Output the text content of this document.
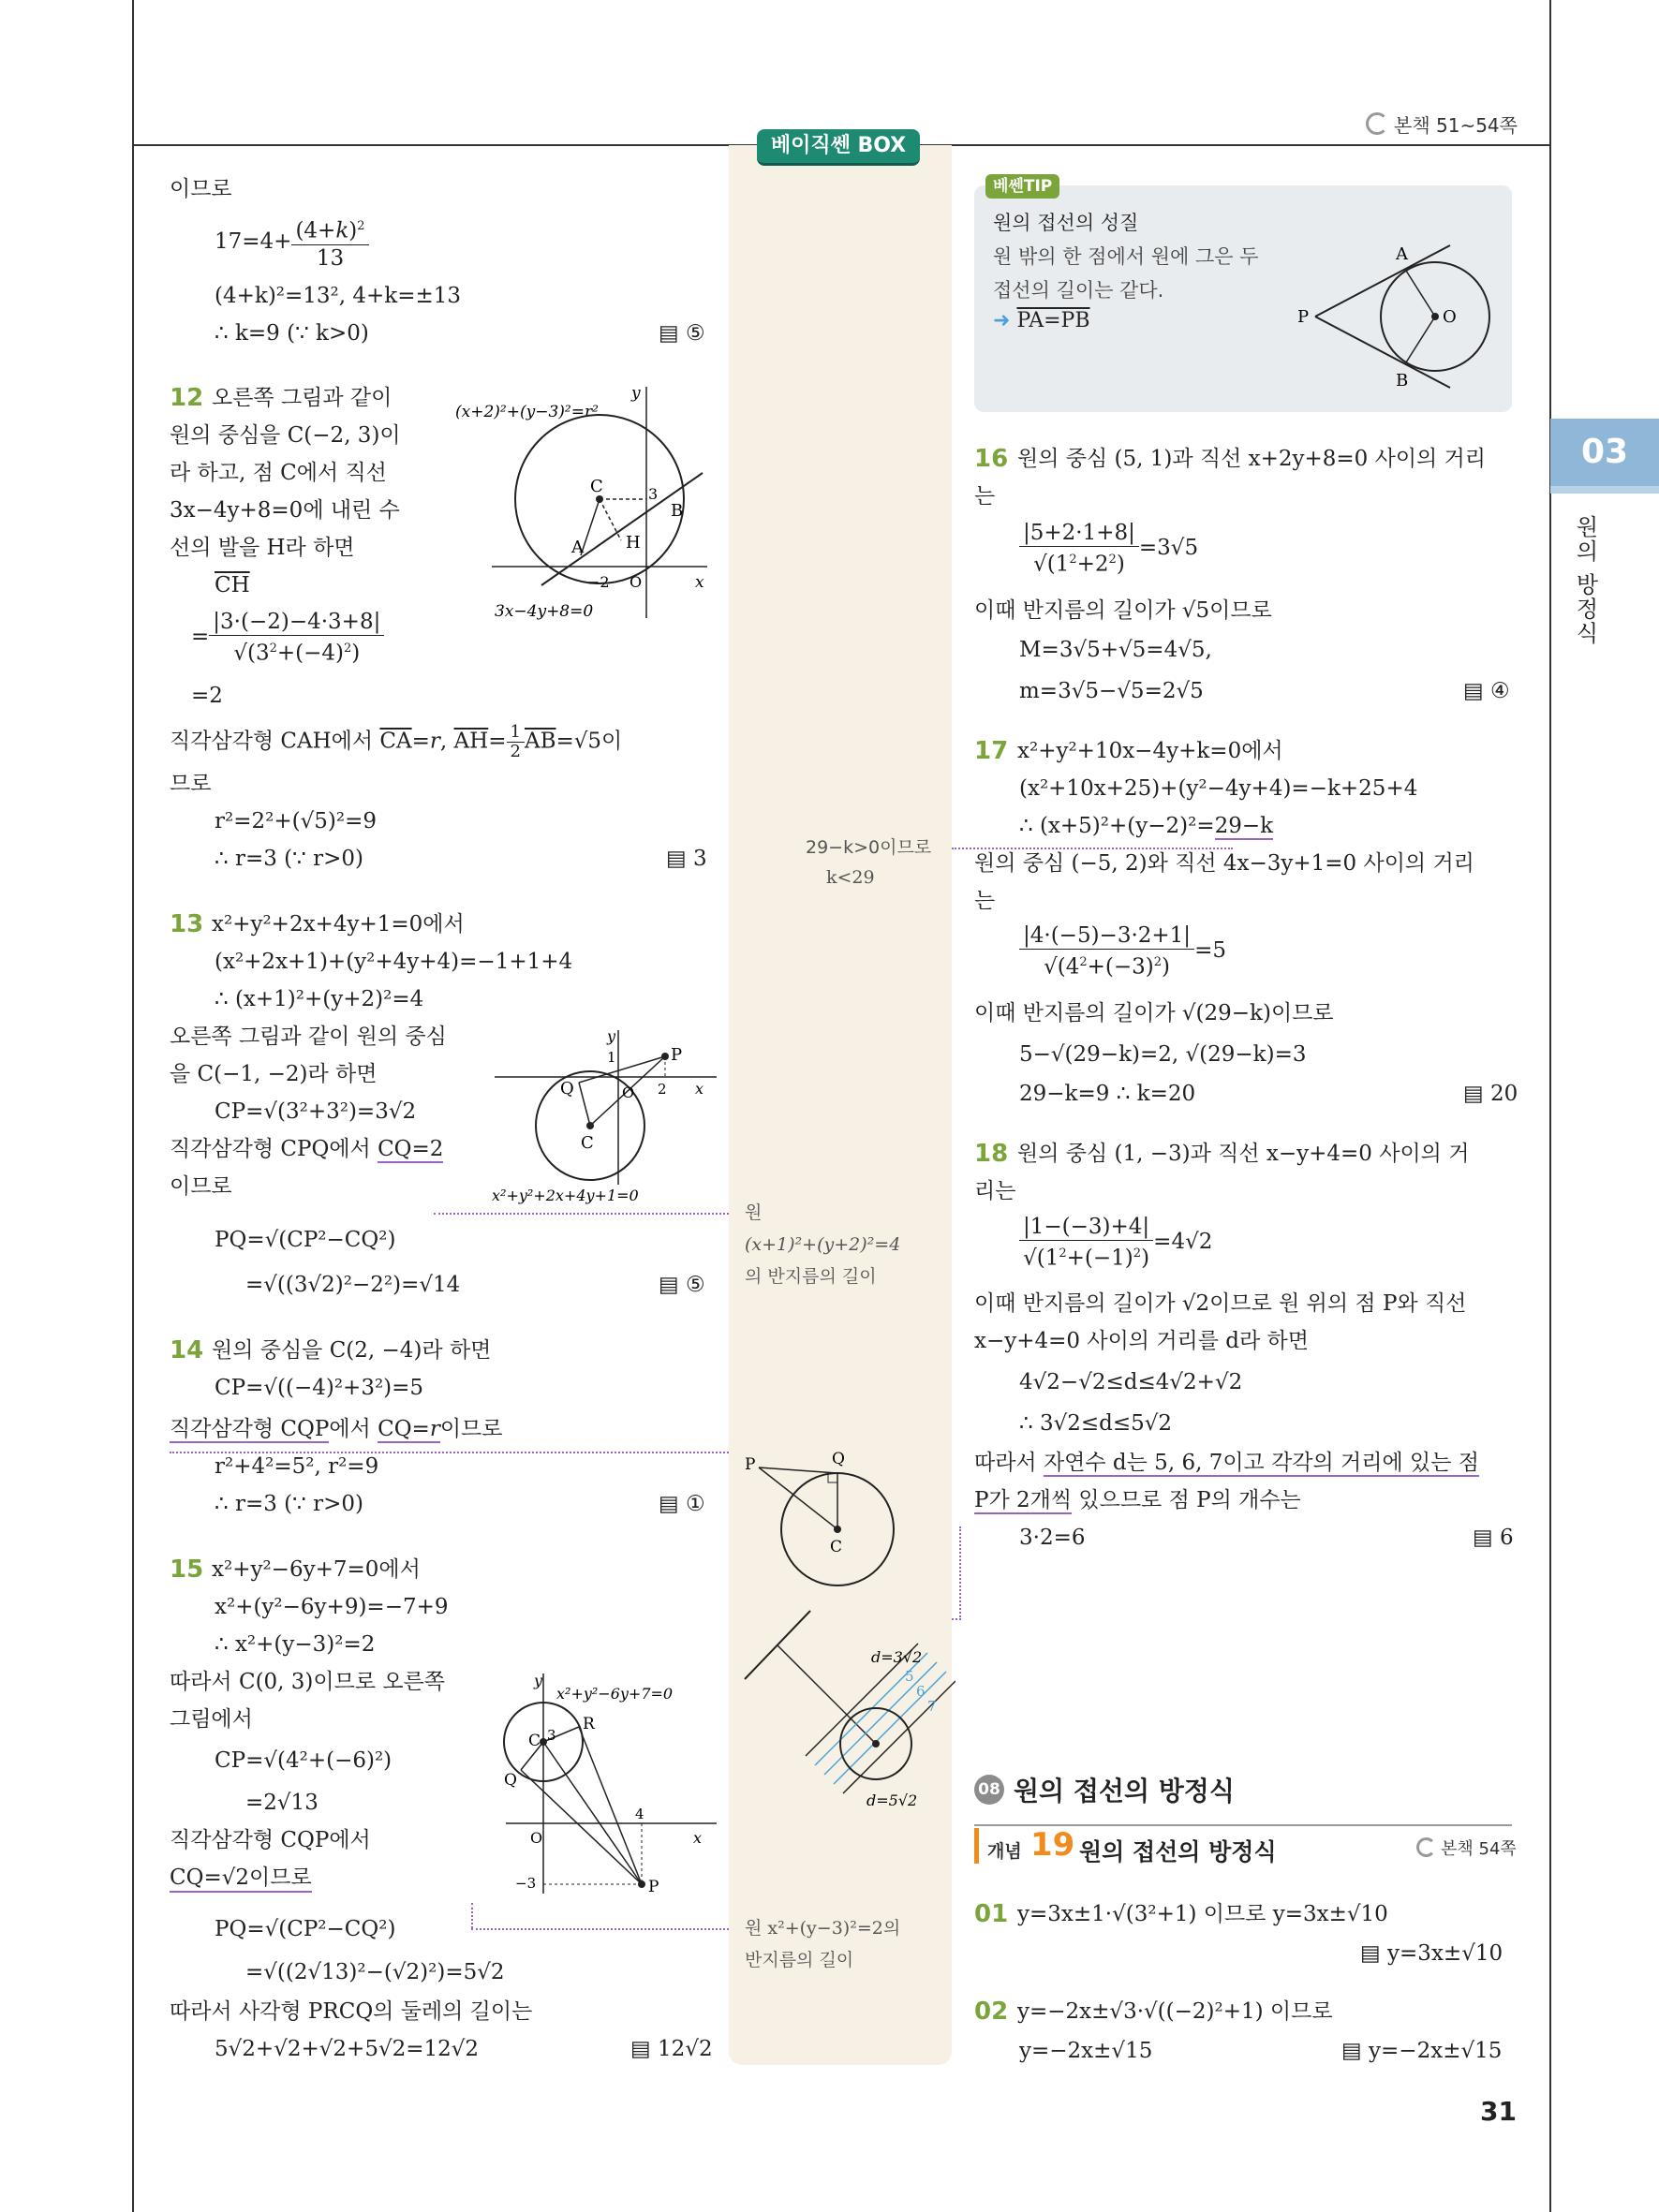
본책 51~54쪽
베이직쎈 BOX
03
원의 방정식
이므로
$17=4+ \frac{(4+k)^2}{13}$
(4+k)²=13², 4+k=±13
∴ k=9 (∵ k>0)	▤ ⑤
12 오른쪽 그림과 같이
원의 중심을 C(−2, 3)이
라 하고, 점 C에서 직선
3x−4y+8=0에 내린 수
선의 발을 H라 하면
$\overline{CH}$
= $\frac{|3\cdot(-2)-4\cdot 3+8|}{√(3^2+(-4)^2)}$
=2
직각삼각형 CAH에서 $\overline{CA}=r$, $\overline{AH}= \frac{1}{2} \overline{AB}=√5$이
므로
r²=2²+(√5)²=9
∴ r=3 (∵ r>0)	▤ 3
(x+2)²+(y−3)²=r²
y
x
C	3
B
A	H
−2 O
3x−4y+8=0
13 x²+y²+2x+4y+1=0에서
(x²+2x+1)+(y²+4y+4)=−1+1+4
∴ (x+1)²+(y+2)²=4
오른쪽 그림과 같이 원의 중심
을 C(−1, −2)라 하면
CP=√(3²+3²)=3√2
직각삼각형 CPQ에서 CQ=2
이므로
PQ=√(CP²−CQ²)
=√((3√2)²−2²)=√14	▤ ⑤
y
1	P
Q	O 2 x
C
x²+y²+2x+4y+1=0
14 원의 중심을 C(2, −4)라 하면
CP=√((−4)²+3²)=5
직각삼각형 CQP에서 CQ=r이므로
r²+4²=5², r²=9
∴ r=3 (∵ r>0)	▤ ①
15 x²+y²−6y+7=0에서
x²+(y²−6y+9)=−7+9
∴ x²+(y−3)²=2
따라서 C(0, 3)이므로 오른쪽
그림에서
CP=√(4²+(−6)²)
=2√13
직각삼각형 CQP에서
CQ=√2이므로
PQ=√(CP²−CQ²)
=√((2√13)²−(√2)²)=5√2
따라서 사각형 PRCQ의 둘레의 길이는
5√2+√2+√2+5√2=12√2	▤ 12√2
y
x²+y²−6y+7=0
C 3
R
Q
4
O	x
−3	P
29−k>0이므로
k<29
원
(x+1)²+(y+2)²=4
의 반지름의 길이
P	Q
C
d=3√2
5
6
7
d=5√2
원 x²+(y−3)²=2의
반지름의 길이
베쎈TIP
원의 접선의 성질
원 밖의 한 점에서 원에 그은 두
접선의 길이는 같다.
➜ PA=PB
A
B
O
P
16 원의 중심 (5, 1)과 직선 x+2y+8=0 사이의 거리
는
$\frac{|5+2\cdot 1+8|}{√(1^2+2^2)} =3√5$
이때 반지름의 길이가 √5이므로
M=3√5+√5=4√5,
m=3√5−√5=2√5	▤ ④
17 x²+y²+10x−4y+k=0에서
(x²+10x+25)+(y²−4y+4)=−k+25+4
∴ (x+5)²+(y−2)²=29−k
원의 중심 (−5, 2)와 직선 4x−3y+1=0 사이의 거리
는
$\frac{|4\cdot(-5)-3\cdot 2+1|}{√(4^2+(-3)^2)} =5$
이때 반지름의 길이가 √(29−k)이므로
5−√(29−k)=2, √(29−k)=3
29−k=9 ∴ k=20	▤ 20
18 원의 중심 (1, −3)과 직선 x−y+4=0 사이의 거
리는
$\frac{|1-(-3)+4|}{√(1^2+(-1)^2)} =4√2$
이때 반지름의 길이가 √2이므로 원 위의 점 P와 직선
x−y+4=0 사이의 거리를 d라 하면
4√2−√2≤d≤4√2+√2
∴ 3√2≤d≤5√2
따라서 자연수 d는 5, 6, 7이고 각각의 거리에 있는 점
P가 2개씩 있으므로 점 P의 개수는
3·2=6	▤ 6
08 원의 접선의 방정식
개념 19 원의 접선의 방정식	본책 54쪽
01 y=3x±1·√(3²+1) 이므로 y=3x±√10
▤ y=3x±√10
02 y=−2x±√3·√((−2)²+1) 이므로
y=−2x±√15	▤ y=−2x±√15
31
